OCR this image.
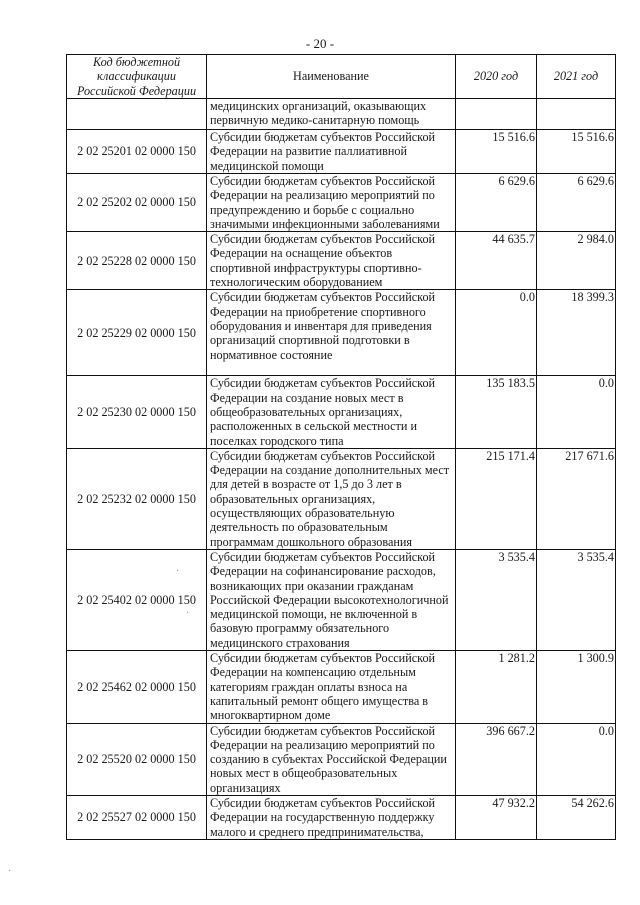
- 20 -
Код бюджетной классификации Российской Федерации	Наименование	2020 год	2021 год
	медицинских организаций, оказывающих первичную медико-санитарную помощь		
2 02 25201 02 0000 150	Субсидии бюджетам субъектов Российской Федерации на развитие паллиативной медицинской помощи	15 516.6	15 516.6
2 02 25202 02 0000 150	Субсидии бюджетам субъектов Российской Федерации на реализацию мероприятий по предупреждению и борьбе с социально значимыми инфекционными заболеваниями	6 629.6	6 629.6
2 02 25228 02 0000 150	Субсидии бюджетам субъектов Российской Федерации на оснащение объектов спортивной инфраструктуры спортивно-технологическим оборудованием	44 635.7	2 984.0
2 02 25229 02 0000 150	Субсидии бюджетам субъектов Российской Федерации на приобретение спортивного оборудования и инвентаря для приведения организаций спортивной подготовки в нормативное состояние	0.0	18 399.3
2 02 25230 02 0000 150	Субсидии бюджетам субъектов Российской Федерации на создание новых мест в общеобразовательных организациях, расположенных в сельской местности и поселках городского типа	135 183.5	0.0
2 02 25232 02 0000 150	Субсидии бюджетам субъектов Российской Федерации на создание дополнительных мест для детей в возрасте от 1,5 до 3 лет в образовательных организациях, осуществляющих образовательную деятельность по образовательным программам дошкольного образования	215 171.4	217 671.6
2 02 25402 02 0000 150	Субсидии бюджетам субъектов Российской Федерации на софинансирование расходов, возникающих при оказании гражданам Российской Федерации высокотехнологичной медицинской помощи, не включенной в базовую программу обязательного медицинского страхования	3 535.4	3 535.4
2 02 25462 02 0000 150	Субсидии бюджетам субъектов Российской Федерации на компенсацию отдельным категориям граждан оплаты взноса на капитальный ремонт общего имущества в многоквартирном доме	1 281.2	1 300.9
2 02 25520 02 0000 150	Субсидии бюджетам субъектов Российской Федерации на реализацию мероприятий по созданию в субъектах Российской Федерации новых мест в общеобразовательных организациях	396 667.2	0.0
2 02 25527 02 0000 150	Субсидии бюджетам субъектов Российской Федерации на государственную поддержку малого и среднего предпринимательства,	47 932.2	54 262.6
·
·
·
